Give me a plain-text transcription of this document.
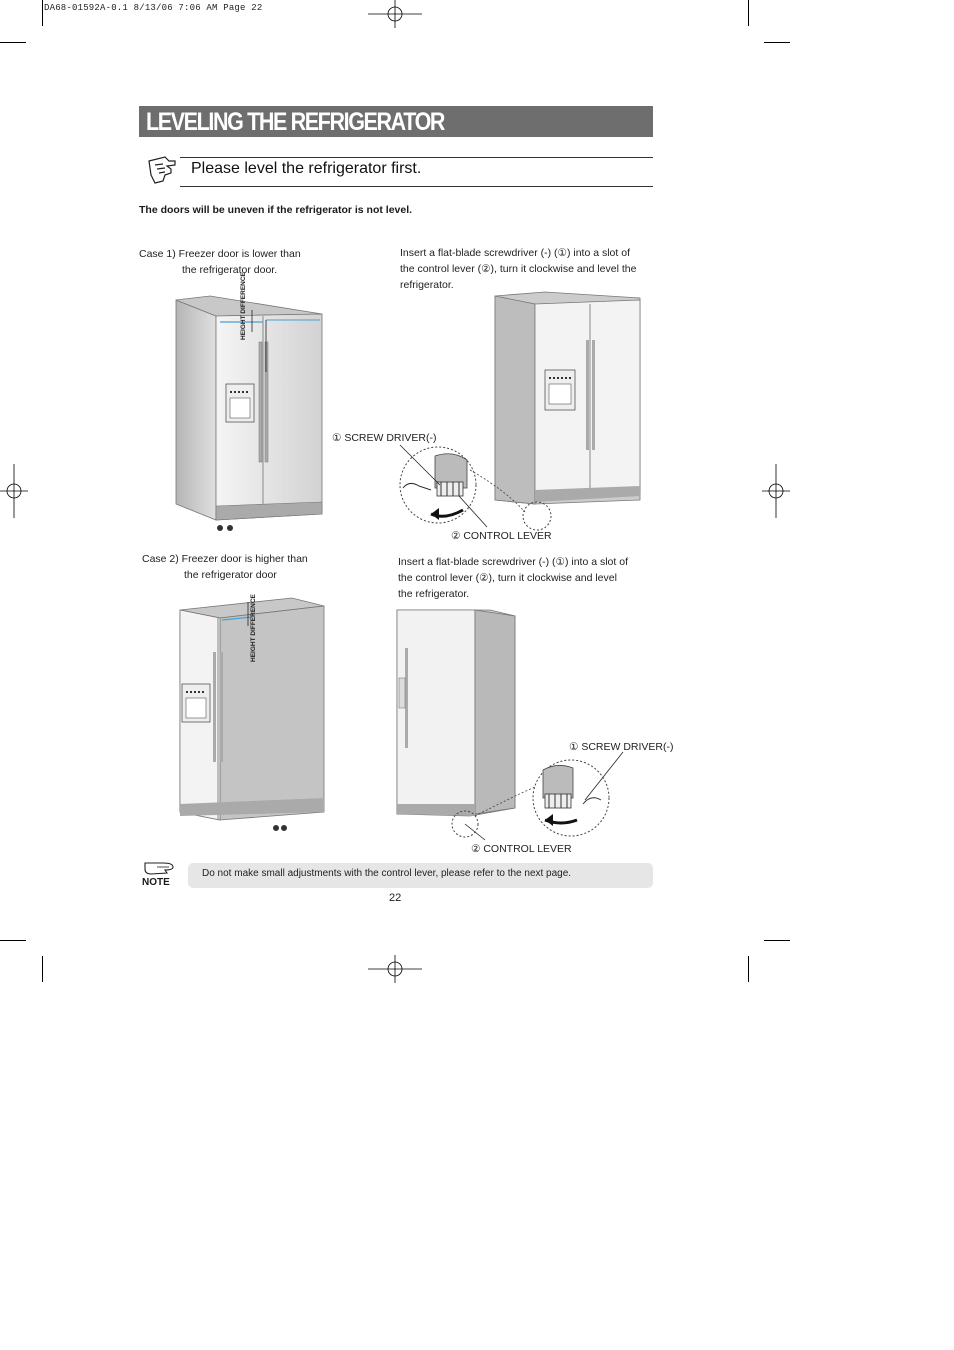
DA68-01592A-0.1 8/13/06 7:06 AM Page 22
LEVELING THE REFRIGERATOR
Please level the refrigerator first.
The doors will be uneven if the refrigerator is not level.
Case 1) Freezer door is lower than
the refrigerator door.
Insert a flat-blade screwdriver (-) (①) into a slot of
the control lever (②), turn it clockwise and level the
refrigerator.
HEIGHT DIFFERENCE
① SCREW DRIVER(-)
② CONTROL LEVER
Case 2) Freezer door is higher than
the refrigerator door
Insert a flat-blade screwdriver (-) (①) into a slot of
the control lever (②), turn it clockwise and level
the refrigerator.
HEIGHT DIFFERENCE
① SCREW DRIVER(-)
② CONTROL LEVER
NOTE
Do not make small adjustments with the control lever, please refer to the next page.
22
